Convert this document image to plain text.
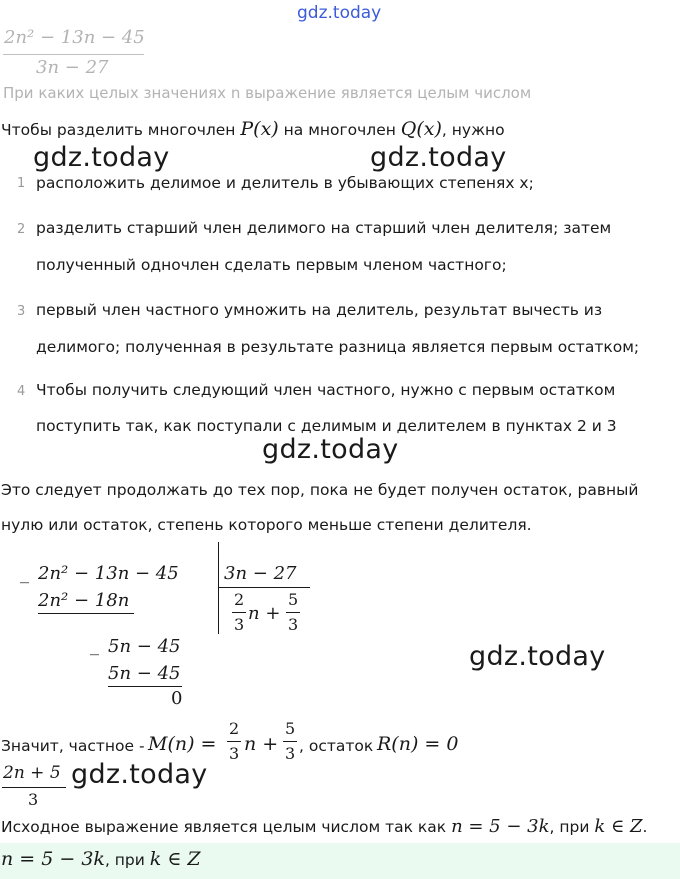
gdz.today
2n² − 13n − 45
3n − 27
При каких целых значениях n выражение является целым числом
Чтобы разделить многочлен P(x) на многочлен Q(x), нужно
gdz.today	gdz.today
1 расположить делимое и делитель в убывающих степенях x;
2 разделить старший член делимого на старший член делителя; затем
полученный одночлен сделать первым членом частного;
3 первый член частного умножить на делитель, результат вычесть из
делимого; полученная в результате разница является первым остатком;
4 Чтобы получить следующий член частного, нужно с первым остатком
поступить так, как поступали с делимым и делителем в пунктах 2 и 3
gdz.today
Это следует продолжать до тех пор, пока не будет получен остаток, равный
нулю или остаток, степень которого меньше степени делителя.
_ 2n² − 13n − 45
2n² − 18n
_ 5n − 45
5n − 45
0
3n − 27
2
3
n +
5
3
gdz.today
Значит, частное - M(n) =
2
3 n +
5
3 , остаток R(n) = 0
2n + 5
3
gdz.today
Исходное выражение является целым числом так как n = 5 − 3k, при k ∈ Z.
n = 5 − 3k, при k ∈ Z
